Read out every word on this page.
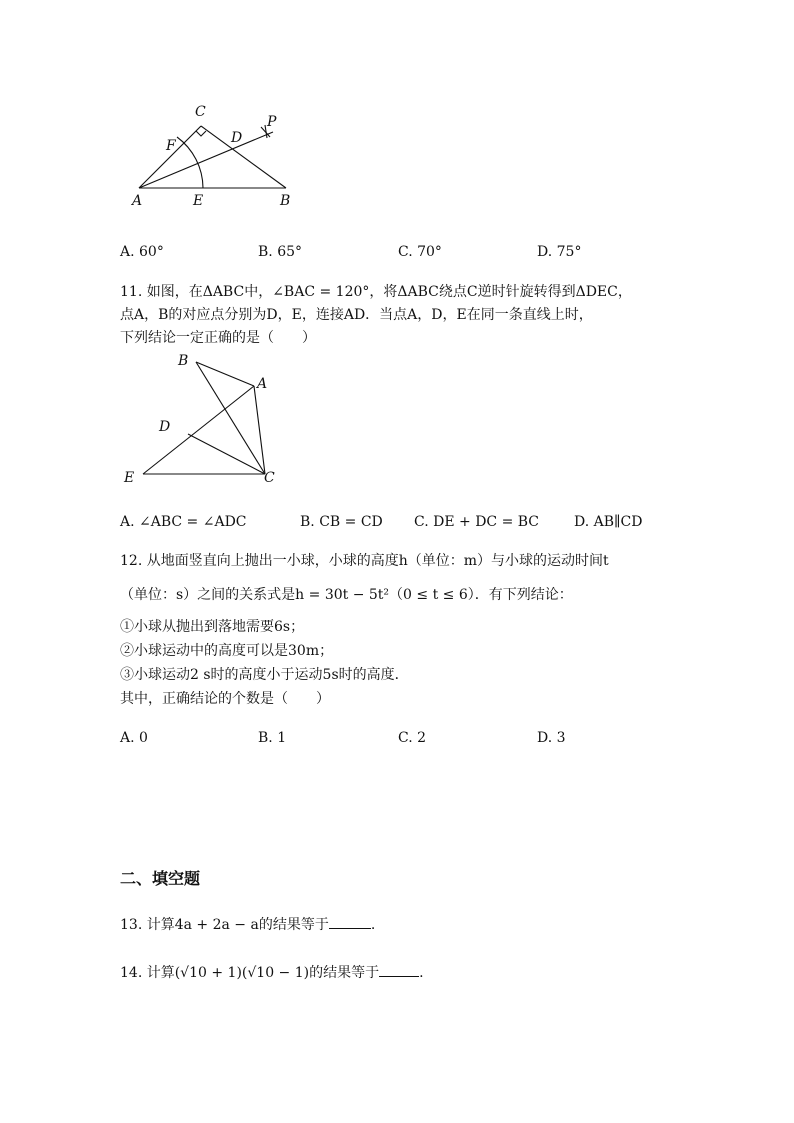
C
P
D
F
A	E	B
A. 60°	B. 65°	C. 70°	D. 75°
11. 如图，在ΔABC中，∠BAC = 120°，将ΔABC绕点C逆时针旋转得到ΔDEC，
点A，B的对应点分别为D，E，连接AD．当点A，D，E在同一条直线上时，
下列结论一定正确的是（　　）
B
A
D
E	C
A. ∠ABC = ∠ADC	B. CB = CD C. DE + DC = BC D. AB∥CD
12. 从地面竖直向上抛出一小球，小球的高度h（单位：m）与小球的运动时间t
（单位：s）之间的关系式是h = 30t − 5t²（0 ≤ t ≤ 6）．有下列结论：
①小球从抛出到落地需要6s；
②小球运动中的高度可以是30m；
③小球运动2 s时的高度小于运动5s时的高度．
其中，正确结论的个数是（　　）
A. 0	B. 1	C. 2	D. 3
二、填空题
13. 计算4a + 2a − a的结果等于	.
14. 计算(√10 + 1)(√10 − 1)的结果等于	.
